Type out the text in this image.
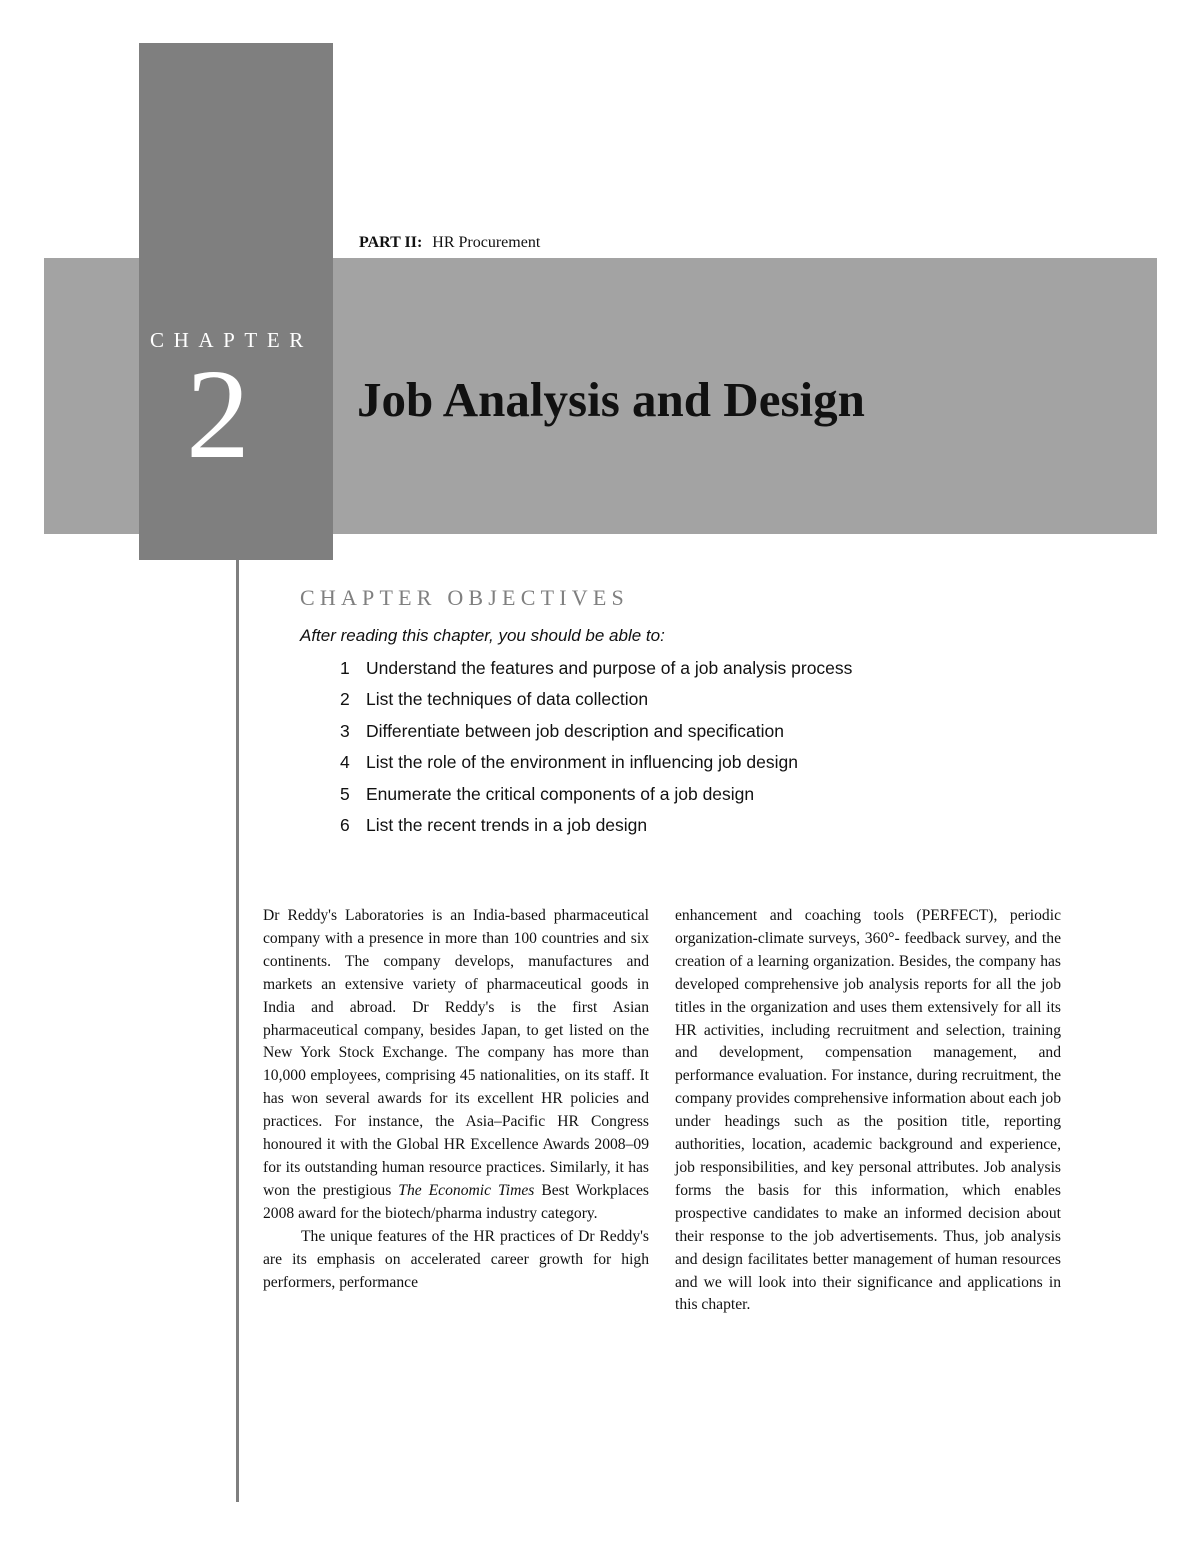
PART II: HR Procurement
CHAPTER
2 Job Analysis and Design
CHAPTER OBJECTIVES
After reading this chapter, you should be able to:
1 Understand the features and purpose of a job analysis process
2 List the techniques of data collection
3 Differentiate between job description and specification
4 List the role of the environment in influencing job design
5 Enumerate the critical components of a job design
6 List the recent trends in a job design

Dr Reddy's Laboratories is an India-based pharmaceutical company with a presence in more than 100 countries and six continents. The company develops, manufactures and markets an extensive variety of pharmaceutical goods in India and abroad. Dr Reddy's is the first Asian pharmaceutical company, besides Japan, to get listed on the New York Stock Exchange. The company has more than 10,000 employees, comprising 45 nationalities, on its staff. It has won several awards for its excellent HR policies and practices. For instance, the Asia–Pacific HR Congress honoured it with the Global HR Excellence Awards 2008–09 for its outstanding human resource practices. Similarly, it has won the prestigious The Economic Times Best Workplaces 2008 award for the biotech/pharma industry category.

The unique features of the HR practices of Dr Reddy's are its emphasis on accelerated career growth for high performers, performance

enhancement and coaching tools (PERFECT), periodic organization-climate surveys, 360°- feedback survey, and the creation of a learning organization. Besides, the company has developed comprehensive job analysis reports for all the job titles in the organization and uses them extensively for all its HR activities, including recruitment and selection, training and development, compensation management, and performance evaluation. For instance, during recruitment, the company provides comprehensive information about each job under headings such as the position title, reporting authorities, location, academic background and experience, job responsibilities, and key personal attributes. Job analysis forms the basis for this information, which enables prospective candidates to make an informed decision about their response to the job advertisements. Thus, job analysis and design facilitates better management of human resources and we will look into their significance and applications in this chapter.
